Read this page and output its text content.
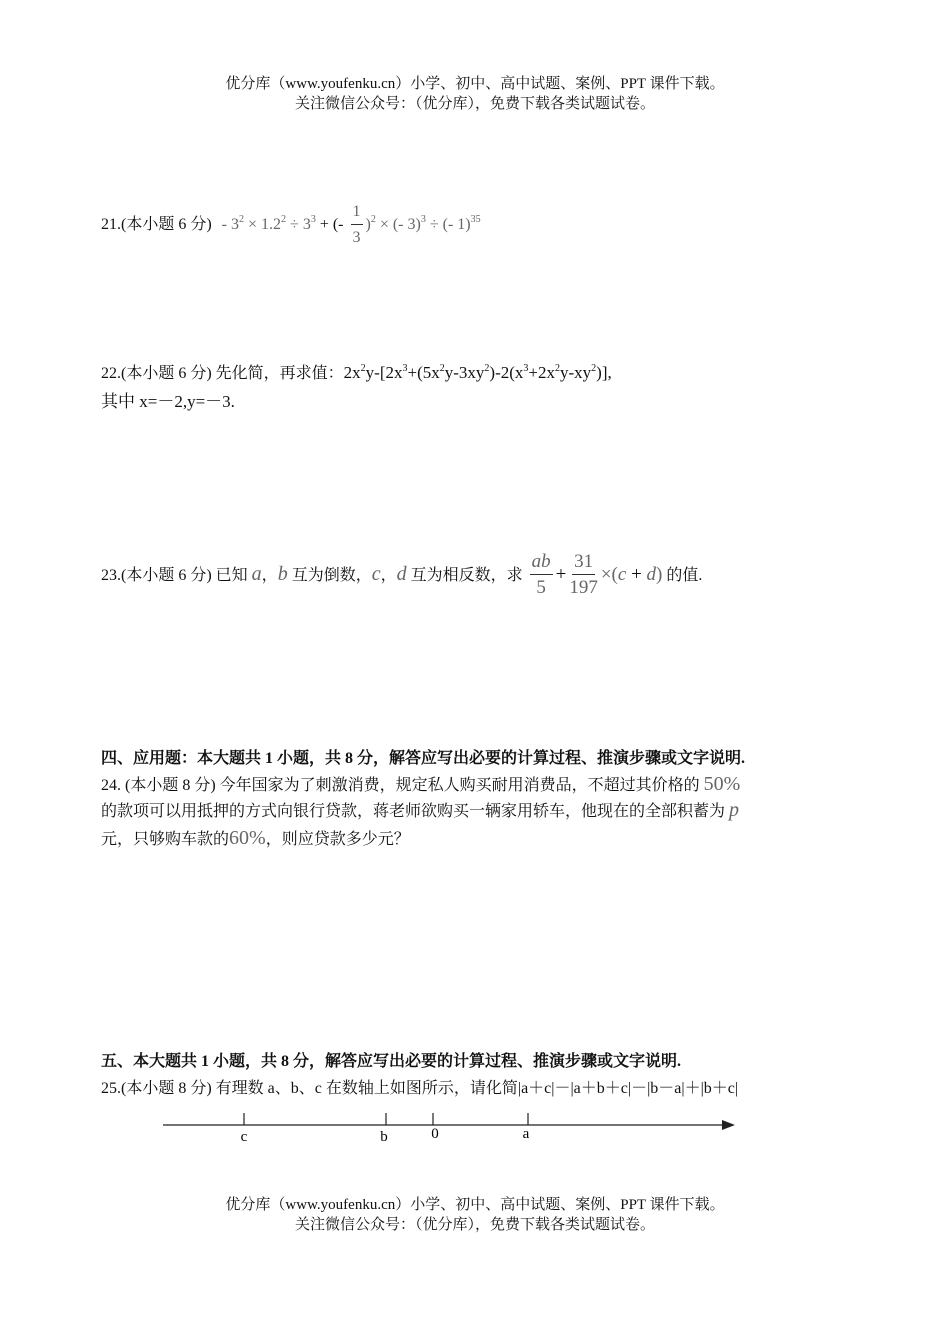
优分库（www.youfenku.cn）小学、初中、高中试题、案例、PPT 课件下载。
关注微信公众号：（优分库），免费下载各类试题试卷。
21.(本小题 6 分) - $3^2 \times 1.2^2 \div 3^3$ + (- $\frac{1}{3} )^2$ × (- 3)$^3$ ÷ (- 1)$^{35}$
22.(本小题 6 分) 先化简，再求值：$2x^2y-[2x^3+(5x^2y-3xy^2)-2(x^3+2x^2y-xy^2)]$,
其中 x=－2,y=－3.
23.(本小题 6 分) 已知 a，b 互为倒数，c，d 互为相反数，求 $\frac{ab}{5} + \frac{31}{197} \times(c + d)$ 的值.
四、应用题：本大题共 1 小题，共 8 分，解答应写出必要的计算过程、推演步骤或文字说明.
24. (本小题 8 分) 今年国家为了刺激消费，规定私人购买耐用消费品，不超过其价格的 50%
的款项可以用抵押的方式向银行贷款，蒋老师欲购买一辆家用轿车，他现在的全部积蓄为 p
元，只够购车款的60%，则应贷款多少元？
五、本大题共 1 小题，共 8 分，解答应写出必要的计算过程、推演步骤或文字说明.
25.(本小题 8 分) 有理数 a、b、c 在数轴上如图所示，请化简|a＋c|－|a＋b＋c|－|b－a|＋|b＋c|
c	b	0	a
优分库（www.youfenku.cn）小学、初中、高中试题、案例、PPT 课件下载。
关注微信公众号：（优分库），免费下载各类试题试卷。
